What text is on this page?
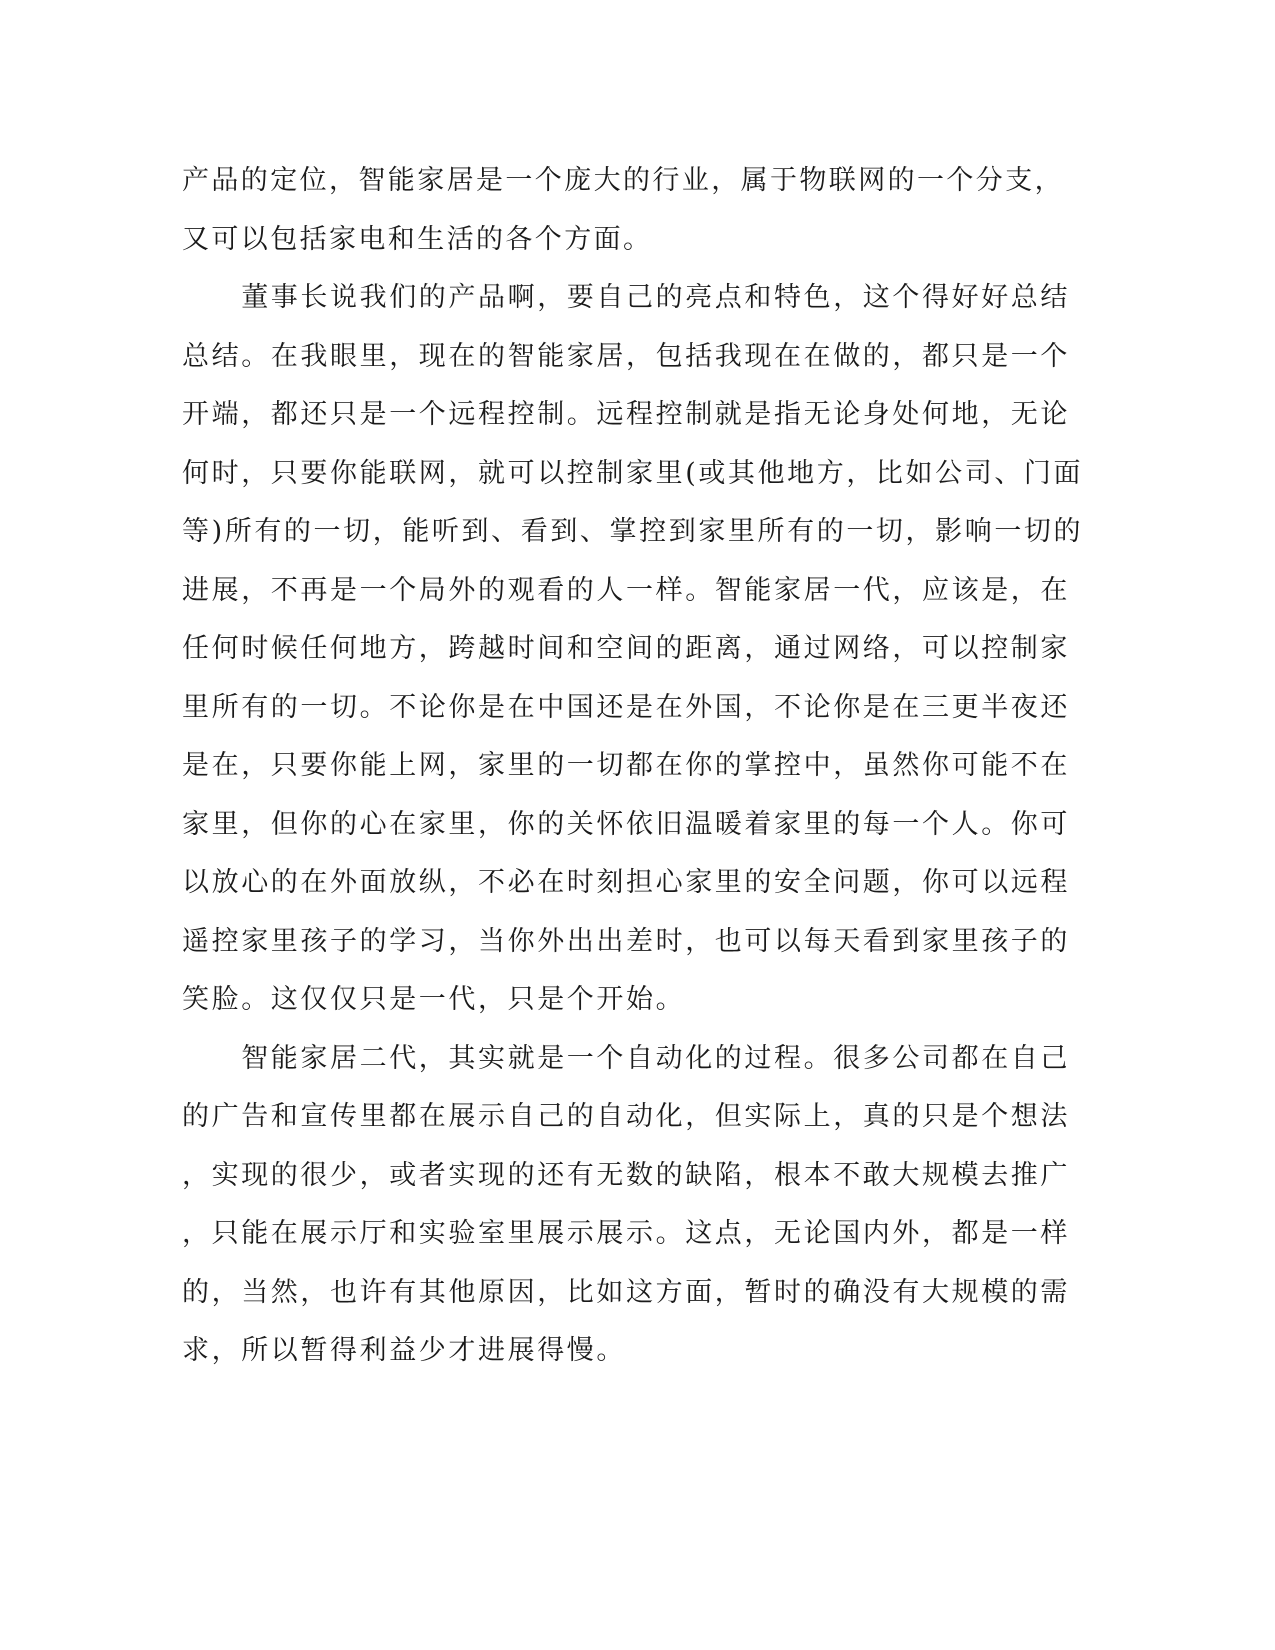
产品的定位，智能家居是一个庞大的行业，属于物联网的一个分支，
又可以包括家电和生活的各个方面。
　　董事长说我们的产品啊，要自己的亮点和特色，这个得好好总结
总结。在我眼里，现在的智能家居，包括我现在在做的，都只是一个
开端，都还只是一个远程控制。远程控制就是指无论身处何地，无论
何时，只要你能联网，就可以控制家里(或其他地方，比如公司、门面
等)所有的一切，能听到、看到、掌控到家里所有的一切，影响一切的
进展，不再是一个局外的观看的人一样。智能家居一代，应该是，在
任何时候任何地方，跨越时间和空间的距离，通过网络，可以控制家
里所有的一切。不论你是在中国还是在外国，不论你是在三更半夜还
是在，只要你能上网，家里的一切都在你的掌控中，虽然你可能不在
家里，但你的心在家里，你的关怀依旧温暖着家里的每一个人。你可
以放心的在外面放纵，不必在时刻担心家里的安全问题，你可以远程
遥控家里孩子的学习，当你外出出差时，也可以每天看到家里孩子的
笑脸。这仅仅只是一代，只是个开始。
　　智能家居二代，其实就是一个自动化的过程。很多公司都在自己
的广告和宣传里都在展示自己的自动化，但实际上，真的只是个想法
，实现的很少，或者实现的还有无数的缺陷，根本不敢大规模去推广
，只能在展示厅和实验室里展示展示。这点，无论国内外，都是一样
的，当然，也许有其他原因，比如这方面，暂时的确没有大规模的需
求，所以暂得利益少才进展得慢。
